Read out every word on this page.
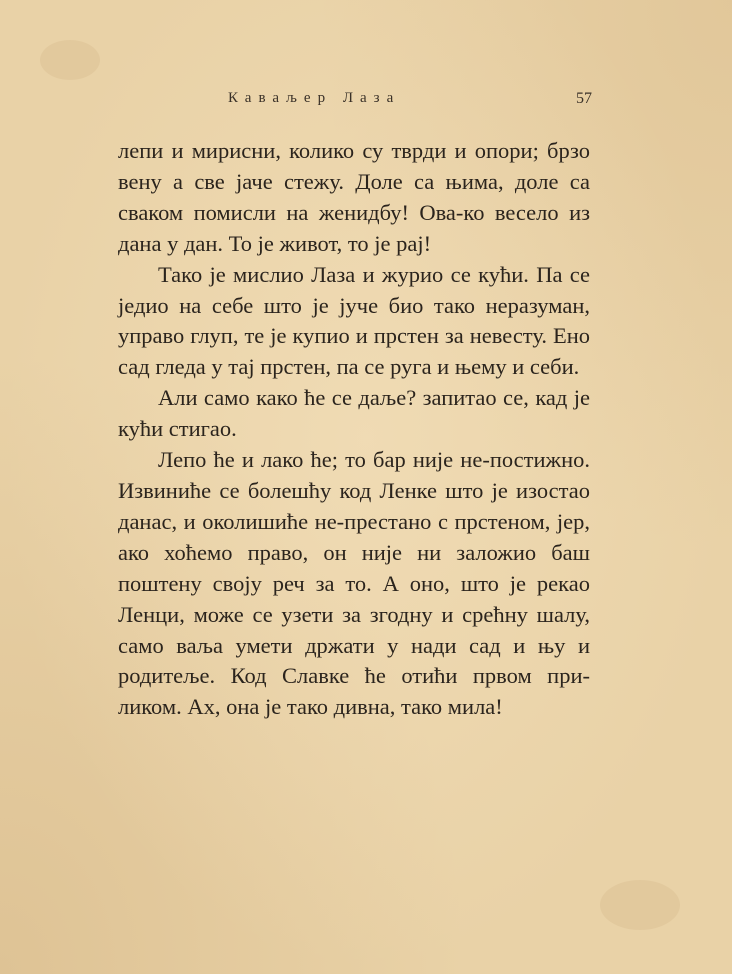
Каваљер Лаза	57

лепи и мирисни, колико су тврди и опори; брзо вену а све јаче стежу. Доле са њима, доле са сваком помисли на женидбу! Ова-ко весело из дана у дан. То је живот, то је рај!

Тако је мислио Лаза и журио се кући. Па се једио на себе што је јуче био тако неразуман, управо глуп, те је купио и прстен за невесту. Ено сад гледа у тај прстен, па се руга и њему и себи.

Али само како ће се даље? запитао се, кад је кући стигао.

Лепо ће и лако ће; то бар није не-постижно. Извиниће се болешћу код Ленке што је изостао данас, и околишиће не-престано с прстеном, јер, ако хоћемо право, он није ни заложио баш поштену своју реч за то. А оно, што је рекао Ленци, може се узети за згодну и срећну шалу, само ваља умети држати у нади сад и њу и родитеље. Код Славке ће отићи првом при-ликом. Ах, она је тако дивна, тако мила!
